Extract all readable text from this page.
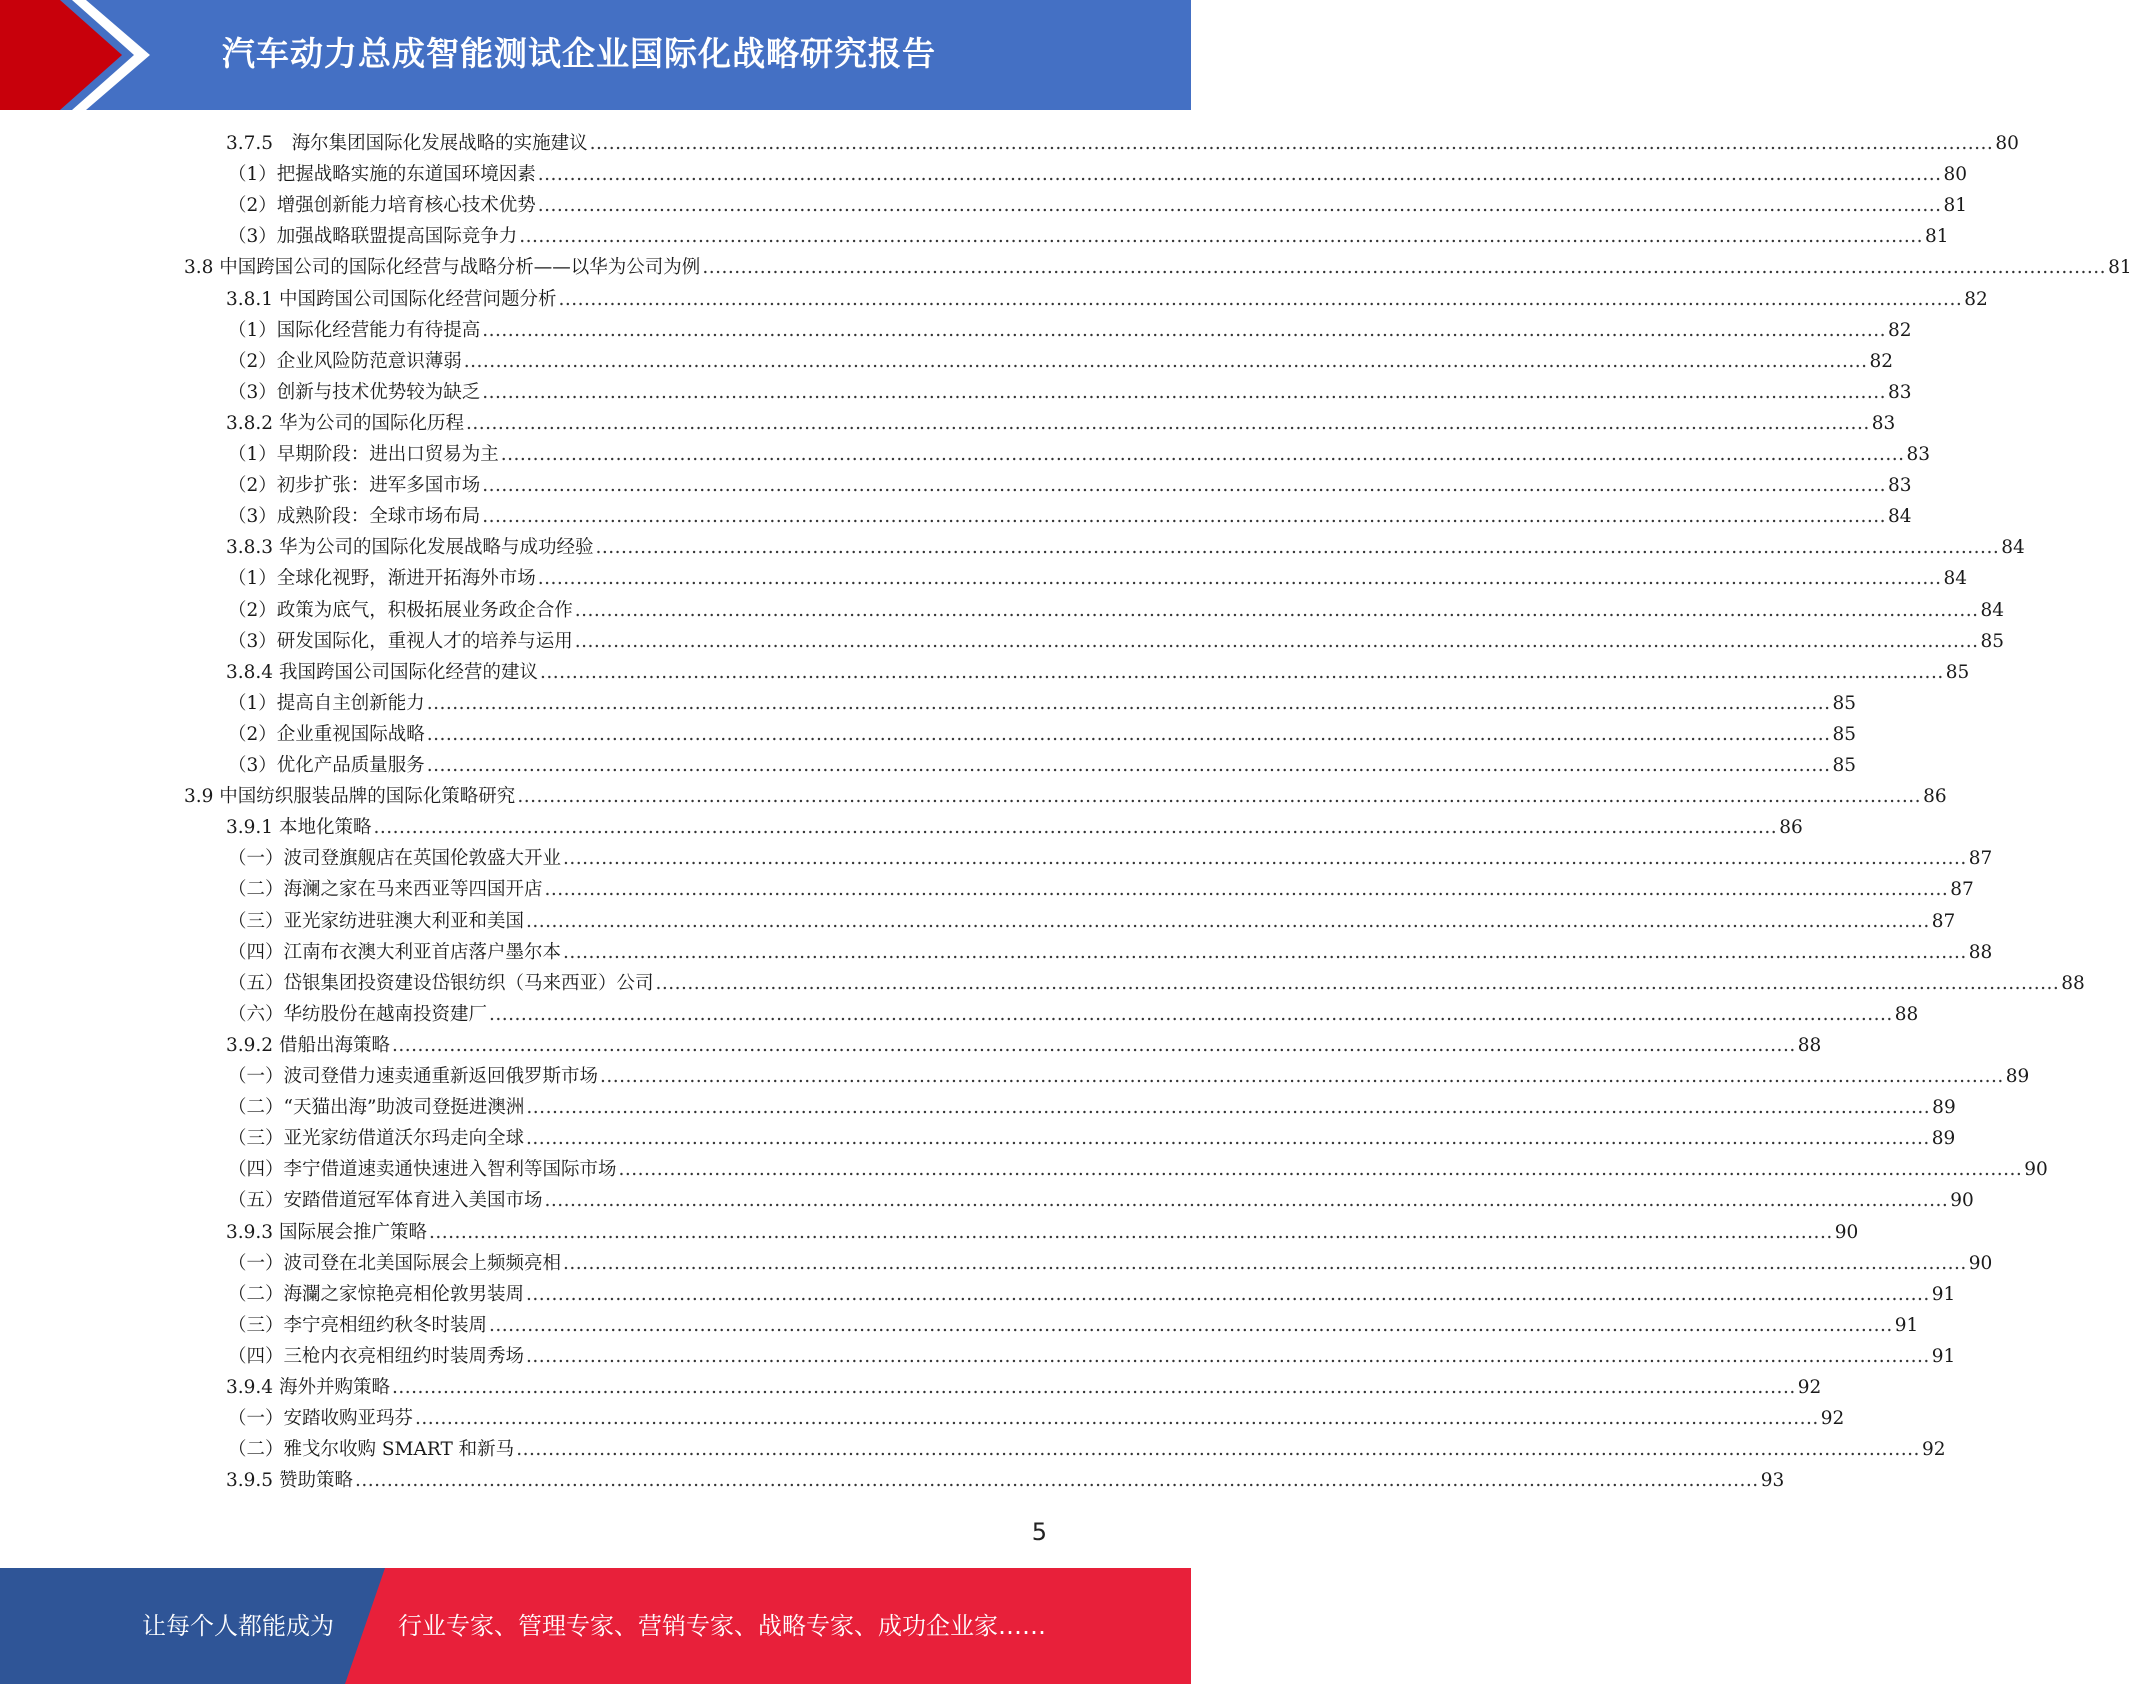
汽车动力总成智能测试企业国际化战略研究报告
3.7.5　海尔集团国际化发展战略的实施建议 ............................................................................................................................................................................................................................ 80
（1）把握战略实施的东道国环境因素 ............................................................................................................................................................................................................................ 80
（2）增强创新能力培育核心技术优势 ............................................................................................................................................................................................................................ 81
（3）加强战略联盟提高国际竞争力 ............................................................................................................................................................................................................................ 81
3.8 中国跨国公司的国际化经营与战略分析——以华为公司为例 ............................................................................................................................................................................................................................ 81
3.8.1 中国跨国公司国际化经营问题分析 ............................................................................................................................................................................................................................ 82
（1）国际化经营能力有待提高 ............................................................................................................................................................................................................................ 82
（2）企业风险防范意识薄弱 ............................................................................................................................................................................................................................ 82
（3）创新与技术优势较为缺乏 ............................................................................................................................................................................................................................ 83
3.8.2 华为公司的国际化历程 ............................................................................................................................................................................................................................ 83
（1）早期阶段：进出口贸易为主 ............................................................................................................................................................................................................................ 83
（2）初步扩张：进军多国市场 ............................................................................................................................................................................................................................ 83
（3）成熟阶段：全球市场布局 ............................................................................................................................................................................................................................ 84
3.8.3 华为公司的国际化发展战略与成功经验 ............................................................................................................................................................................................................................ 84
（1）全球化视野，渐进开拓海外市场 ............................................................................................................................................................................................................................ 84
（2）政策为底气，积极拓展业务政企合作 ............................................................................................................................................................................................................................ 84
（3）研发国际化，重视人才的培养与运用 ............................................................................................................................................................................................................................ 85
3.8.4 我国跨国公司国际化经营的建议 ............................................................................................................................................................................................................................ 85
（1）提高自主创新能力 ............................................................................................................................................................................................................................ 85
（2）企业重视国际战略 ............................................................................................................................................................................................................................ 85
（3）优化产品质量服务 ............................................................................................................................................................................................................................ 85
3.9 中国纺织服装品牌的国际化策略研究 ............................................................................................................................................................................................................................ 86
3.9.1 本地化策略 ............................................................................................................................................................................................................................ 86
（一）波司登旗舰店在英国伦敦盛大开业 ............................................................................................................................................................................................................................ 87
（二）海澜之家在马来西亚等四国开店 ............................................................................................................................................................................................................................ 87
（三）亚光家纺进驻澳大利亚和美国 ............................................................................................................................................................................................................................ 87
（四）江南布衣澳大利亚首店落户墨尔本 ............................................................................................................................................................................................................................ 88
（五）岱银集团投资建设岱银纺织（马来西亚）公司 ............................................................................................................................................................................................................................ 88
（六）华纺股份在越南投资建厂 ............................................................................................................................................................................................................................ 88
3.9.2 借船出海策略 ............................................................................................................................................................................................................................ 88
（一）波司登借力速卖通重新返回俄罗斯市场 ............................................................................................................................................................................................................................ 89
（二）“天猫出海”助波司登挺进澳洲 ............................................................................................................................................................................................................................ 89
（三）亚光家纺借道沃尔玛走向全球 ............................................................................................................................................................................................................................ 89
（四）李宁借道速卖通快速进入智利等国际市场 ............................................................................................................................................................................................................................ 90
（五）安踏借道冠军体育进入美国市场 ............................................................................................................................................................................................................................ 90
3.9.3 国际展会推广策略 ............................................................................................................................................................................................................................ 90
（一）波司登在北美国际展会上频频亮相 ............................................................................................................................................................................................................................ 90
（二）海瀾之家惊艳亮相伦敦男装周 ............................................................................................................................................................................................................................ 91
（三）李宁亮相纽约秋冬时装周 ............................................................................................................................................................................................................................ 91
（四）三枪内衣亮相纽约时装周秀场 ............................................................................................................................................................................................................................ 91
3.9.4 海外并购策略 ............................................................................................................................................................................................................................ 92
（一）安踏收购亚玛芬 ............................................................................................................................................................................................................................ 92
（二）雅戈尔收购 SMART 和新马 ............................................................................................................................................................................................................................ 92
3.9.5 赞助策略 ............................................................................................................................................................................................................................ 93
5
让每个人都能成为	行业专家、管理专家、营销专家、战略专家、成功企业家……
